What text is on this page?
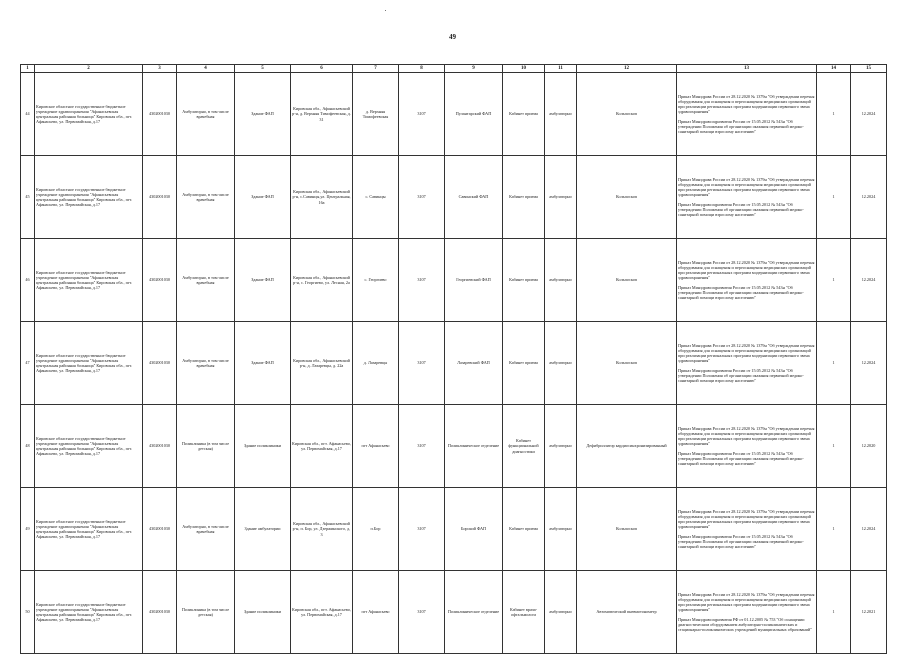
49
1	2	3	4	5	6	7	8	9	10	11	12	13	14	15
44	Кировское областное государственное бюджетное учреждение здравоохранения "Афанасьевская центральная районная больница" Кировская обл., пгт. Афанасьево, ул. Первомайская, д.17	4302001030	Амбулаторно, в том числе врачебная	Здание ФАП	Кировская обл., Афанасьевский р-н, д. Верхняя Тимофеевская, д. 31	д. Верхняя Тимофеевская	3107	Пулантарский ФАП	Кабинет приема	амбулаторно	Кольпоскоп	Приказ Минздрава России от 28.12.2020 № 1379н "Об утверждении перечня оборудования для оснащения и переоснащения медицинских организаций при реализации региональных программ модернизации первичного звена здравоохранения"
Приказ Минздравсоцразвития России от 15.05.2012 № 543н "Об утверждении Положения об организации оказания первичной медико-санитарной помощи взрослому населению"	1	12.2024
45	Кировское областное государственное бюджетное учреждение здравоохранения "Афанасьевская центральная районная больница" Кировская обл., пгт. Афанасьево, ул. Первомайская, д.17	4302001030	Амбулаторно, в том числе врачебная	Здание ФАП	Кировская обл., Афанасьевский р-н, с.Савинцы,ул. Центральная, 16а	с. Савинцы	3107	Савинский ФАП	Кабинет приема	амбулаторно	Кольпоскоп	Приказ Минздрава России от 28.12.2020 № 1379н "Об утверждении перечня оборудования для оснащения и переоснащения медицинских организаций при реализации региональных программ модернизации первичного звена здравоохранения"
Приказ Минздравсоцразвития России от 15.05.2012 № 543н "Об утверждении Положения об организации оказания первичной медико-санитарной помощи взрослому населению"	1	12.2024
46	Кировское областное государственное бюджетное учреждение здравоохранения "Афанасьевская центральная районная больница" Кировская обл., пгт. Афанасьево, ул. Первомайская, д.17	4302001030	Амбулаторно, в том числе врачебная	Здание ФАП	Кировская обл., Афанасьевский р-н, с. Георгиево, ул. Лесная, 2а	с. Георгиево	3107	Георгиевский ФАП	Кабинет приема	амбулаторно	Кольпоскоп	Приказ Минздрава России от 28.12.2020 № 1379н "Об утверждении перечня оборудования для оснащения и переоснащения медицинских организаций при реализации региональных программ модернизации первичного звена здравоохранения"
Приказ Минздравсоцразвития России от 15.05.2012 № 543н "Об утверждении Положения об организации оказания первичной медико-санитарной помощи взрослому населению"	1	12.2024
47	Кировское областное государственное бюджетное учреждение здравоохранения "Афанасьевская центральная районная больница" Кировская обл., пгт. Афанасьево, ул. Первомайская, д.17	4302001030	Амбулаторно, в том числе врачебная	Здание ФАП	Кировская обл., Афанасьевский р-н, д. Лазаревцы, д. 22а	д. Лазаревцы	3107	Лазаревский ФАП	Кабинет приема	амбулаторно	Кольпоскоп	Приказ Минздрава России от 28.12.2020 № 1379н "Об утверждении перечня оборудования для оснащения и переоснащения медицинских организаций при реализации региональных программ модернизации первичного звена здравоохранения"
Приказ Минздравсоцразвития России от 15.05.2012 № 543н "Об утверждении Положения об организации оказания первичной медико-санитарной помощи взрослому населению"	1	12.2024
48	Кировское областное государственное бюджетное учреждение здравоохранения "Афанасьевская центральная районная больница" Кировская обл., пгт. Афанасьево, ул. Первомайская, д.17	4302001030	Поликлиника (в том числе детская)	Здание поликлиники	Кировская обл., пгт. Афанасьево, ул. Первомайская, д.17	пгт Афанасьево	3107	Поликлиническое отделение	Кабинет функциональной диагностики	амбулаторно	Дефибриллятор кардиосинхронизированный	Приказ Минздрава России от 28.12.2020 № 1379н "Об утверждении перечня оборудования для оснащения и переоснащения медицинских организаций при реализации региональных программ модернизации первичного звена здравоохранения"
Приказ Минздравсоцразвития России от 15.05.2012 № 543н "Об утверждении Положения об организации оказания первичной медико-санитарной помощи взрослому населению"	1	12.2020
49	Кировское областное государственное бюджетное учреждение здравоохранения "Афанасьевская центральная районная больница" Кировская обл., пгт. Афанасьево, ул. Первомайская, д.17	4302001030	Амбулаторно, в том числе врачебная	Здание амбулатории	Кировская обл., Афанасьевский р-н, п. Бор, ул. Дзержинского, д. 3	п.Бор	3107	Борский ФАП	Кабинет приема	амбулаторно	Кольпоскоп	Приказ Минздрава России от 28.12.2020 № 1379н "Об утверждении перечня оборудования для оснащения и переоснащения медицинских организаций при реализации региональных программ модернизации первичного звена здравоохранения"
Приказ Минздравсоцразвития России от 15.05.2012 № 543н "Об утверждении Положения об организации оказания первичной медико-санитарной помощи взрослому населению"	1	12.2024
50	Кировское областное государственное бюджетное учреждение здравоохранения "Афанасьевская центральная районная больница" Кировская обл., пгт. Афанасьево, ул. Первомайская, д.17	4302001030	Поликлиника (в том числе детская)	Здание поликлиники	Кировская обл., пгт. Афанасьево, ул. Первомайская, д.17	пгт Афанасьево	3107	Поликлиническое отделение	Кабинет врача-офтальмолога	амбулаторно	Автоматический пневмотонометр	Приказ Минздрава России от 28.12.2020 № 1379н "Об утверждении перечня оборудования для оснащения и переоснащения медицинских организаций при реализации региональных программ модернизации первичного звена здравоохранения"
Приказ Минздравсоцразвития РФ от 01.12.2005 № 753 "Об оснащении диагностическим оборудованием амбулаторно-поликлинических и стационарно-поликлинических учреждений муниципальных образований"	1	12.2021
